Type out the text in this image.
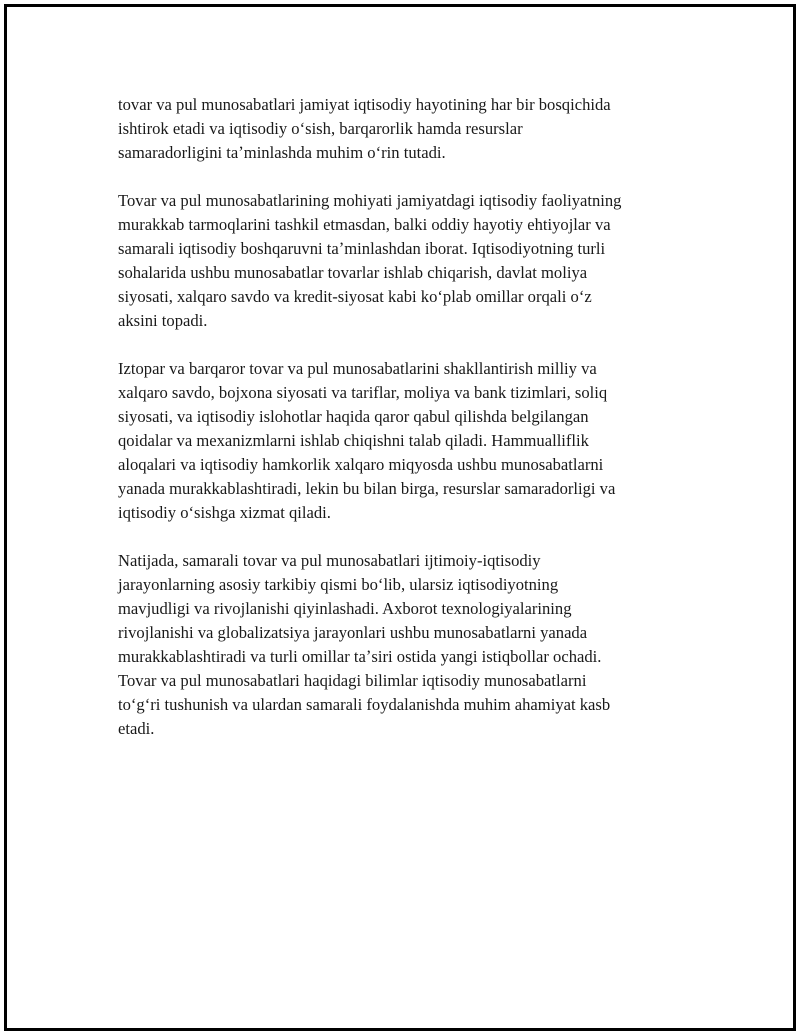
tovar va pul munosabatlari jamiyat iqtisodiy hayotining har bir bosqichida
ishtirok etadi va iqtisodiy oʻsish, barqarorlik hamda resurslar
samaradorligini taʼminlashda muhim oʻrin tutadi.

Tovar va pul munosabatlarining mohiyati jamiyatdagi iqtisodiy faoliyatning
murakkab tarmoqlarini tashkil etmasdan, balki oddiy hayotiy ehtiyojlar va
samarali iqtisodiy boshqaruvni taʼminlashdan iborat. Iqtisodiyotning turli
sohalarida ushbu munosabatlar tovarlar ishlab chiqarish, davlat moliya
siyosati, xalqaro savdo va kredit-siyosat kabi koʻplab omillar orqali oʻz
aksini topadi.

Iztopar va barqaror tovar va pul munosabatlarini shakllantirish milliy va
xalqaro savdo, bojxona siyosati va tariflar, moliya va bank tizimlari, soliq
siyosati, va iqtisodiy islohotlar haqida qaror qabul qilishda belgilangan
qoidalar va mexanizmlarni ishlab chiqishni talab qiladi. Hammualliflik
aloqalari va iqtisodiy hamkorlik xalqaro miqyosda ushbu munosabatlarni
yanada murakkablashtiradi, lekin bu bilan birga, resurslar samaradorligi va
iqtisodiy oʻsishga xizmat qiladi.

Natijada, samarali tovar va pul munosabatlari ijtimoiy-iqtisodiy
jarayonlarning asosiy tarkibiy qismi boʻlib, ularsiz iqtisodiyotning
mavjudligi va rivojlanishi qiyinlashadi. Axborot texnologiyalarining
rivojlanishi va globalizatsiya jarayonlari ushbu munosabatlarni yanada
murakkablashtiradi va turli omillar taʼsiri ostida yangi istiqbollar ochadi.
Tovar va pul munosabatlari haqidagi bilimlar iqtisodiy munosabatlarni
toʻgʻri tushunish va ulardan samarali foydalanishda muhim ahamiyat kasb
etadi.
